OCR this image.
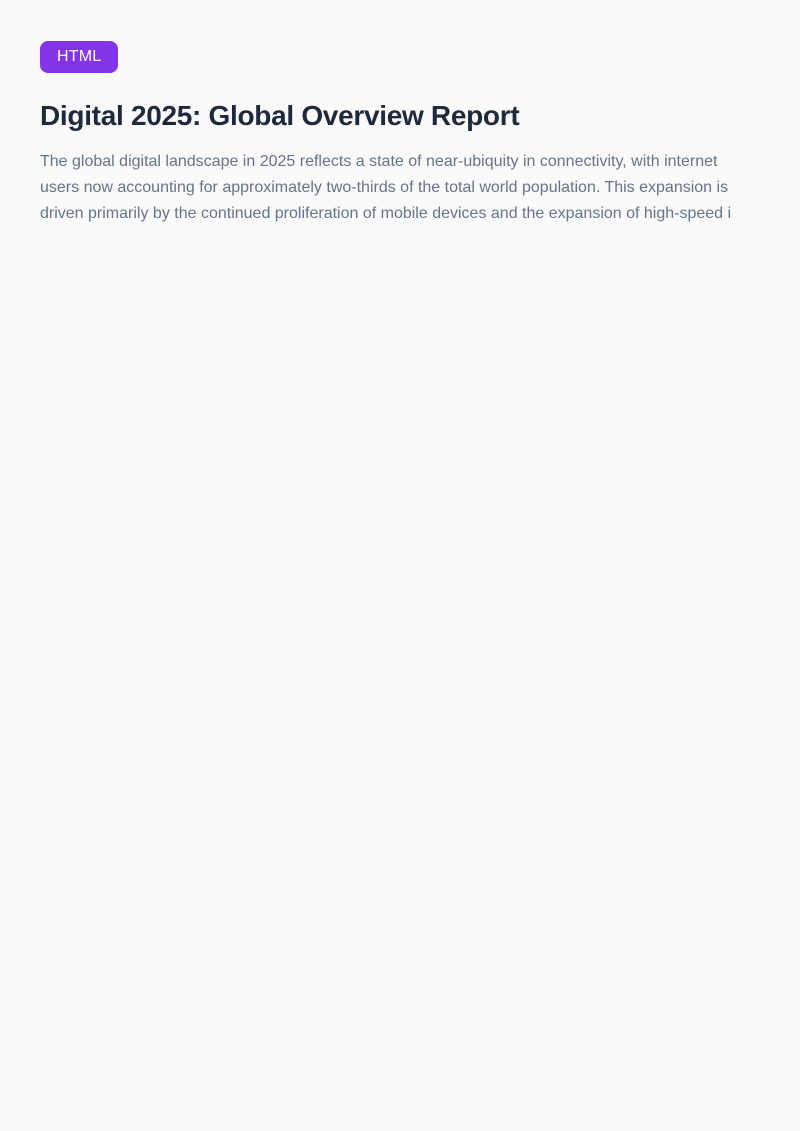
HTML
Digital 2025: Global Overview Report

The global digital landscape in 2025 reflects a state of near-ubiquity in connectivity, with internet users now accounting for approximately two-thirds of the total world population. This expansion is driven primarily by the continued proliferation of mobile devices and the expansion of high-speed i
